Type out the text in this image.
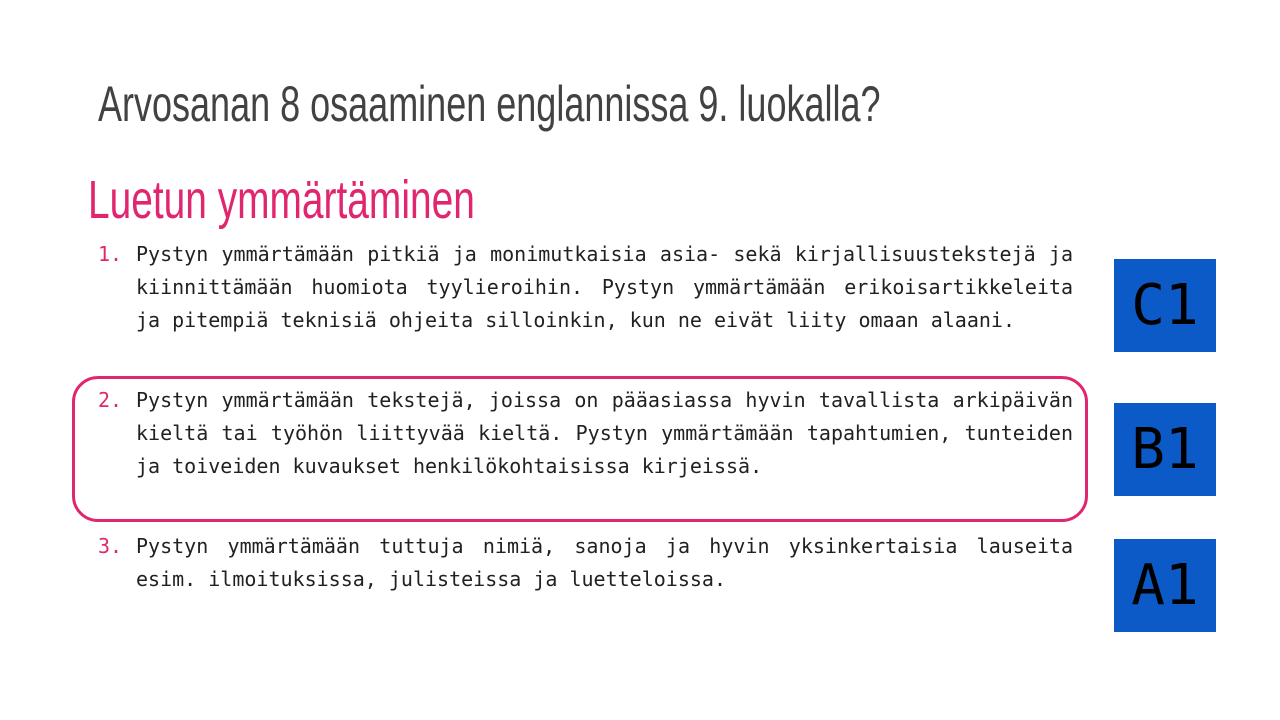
Arvosanan 8 osaaminen englannissa 9. luokalla?
Luetun ymmärtäminen
1. Pystyn ymmärtämään pitkiä ja monimutkaisia asia- sekä kirjallisuustekstejä ja kiinnittämään huomiota tyylieroihin. Pystyn ymmärtämään erikoisartikkeleita ja pitempiä teknisiä ohjeita silloinkin, kun ne eivät liity omaan alaani.

2. Pystyn ymmärtämään tekstejä, joissa on pääasiassa hyvin tavallista arkipäivän kieltä tai työhön liittyvää kieltä. Pystyn ymmärtämään tapahtumien, tunteiden ja toiveiden kuvaukset henkilökohtaisissa kirjeissä.

3. Pystyn ymmärtämään tuttuja nimiä, sanoja ja hyvin yksinkertaisia lauseita esim. ilmoituksissa, julisteissa ja luetteloissa.

C1
B1
A1
